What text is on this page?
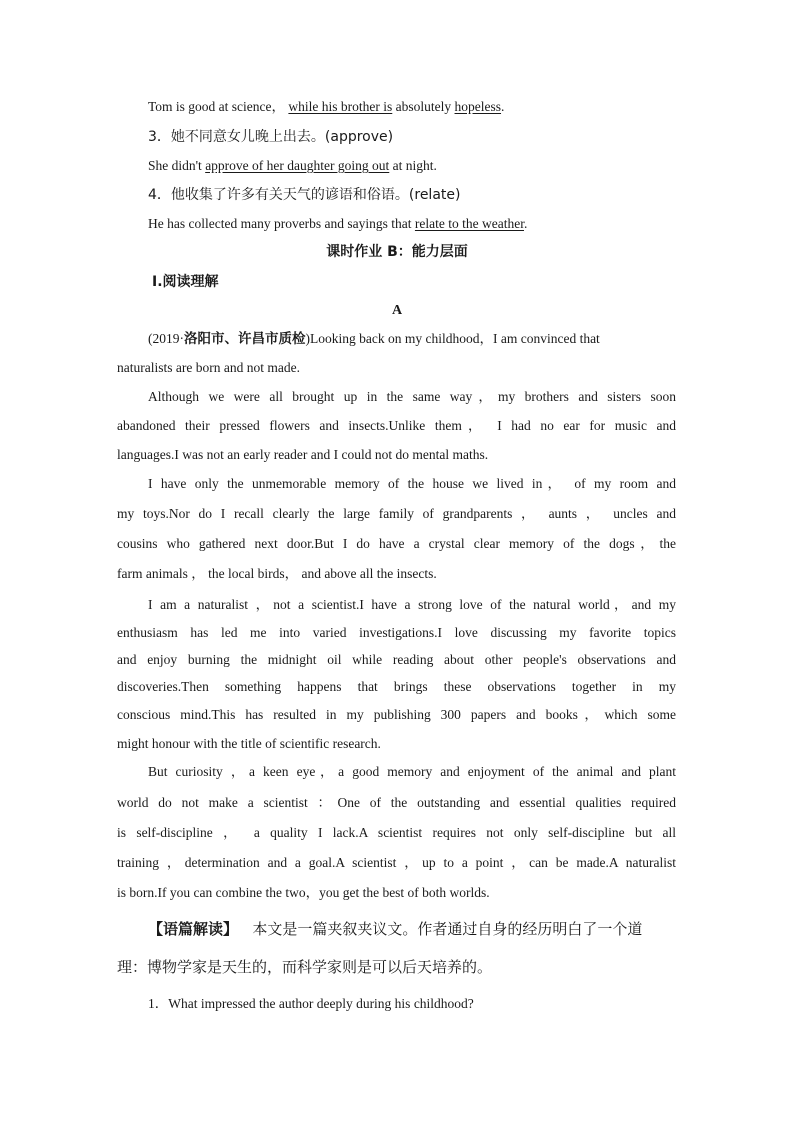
Tom is good at science， while his brother is absolutely hopeless.
3．她不同意女儿晚上出去。(approve)
She didn't approve of her daughter going out at night.
4．他收集了许多有关天气的谚语和俗语。(relate)
He has collected many proverbs and sayings that relate to the weather.
课时作业 B：能力层面
Ⅰ.阅读理解
A
(2019·洛阳市、许昌市质检)Looking back on my childhood，I am convinced that
naturalists are born and not made.
Although we were all brought up in the same way，my brothers and sisters soon
abandoned their pressed flowers and insects.Unlike them， I had no ear for music and
languages.I was not an early reader and I could not do mental maths.
I have only the unmemorable memory of the house we lived in， of my room and
my toys.Nor do I recall clearly the large family of grandparents ， aunts ， uncles and
cousins who gathered next door.But I do have a crystal clear memory of the dogs，the
farm animals ， the local birds， and above all the insects.
I am a naturalist ，not a scientist.I have a strong love of the natural world，and my
enthusiasm has led me into varied investigations.I love discussing my favorite topics
and enjoy burning the midnight oil while reading about other people's observations and
discoveries.Then something happens that brings these observations together in my
conscious mind.This has resulted in my publishing 300 papers and books，which some
might honour with the title of scientific research.
But curiosity ，a keen eye，a good memory and enjoyment of the animal and plant
world do not make a scientist ：One of the outstanding and essential qualities required
is self-discipline ， a quality I lack.A scientist requires not only self-discipline but all
training ，determination and a goal.A scientist ，up to a point ，can be made.A naturalist
is born.If you can combine the two，you get the best of both worlds.
【语篇解读】 本文是一篇夹叙夹议文。作者通过自身的经历明白了一个道
理：博物学家是天生的，而科学家则是可以后天培养的。
1．What impressed the author deeply during his childhood?
